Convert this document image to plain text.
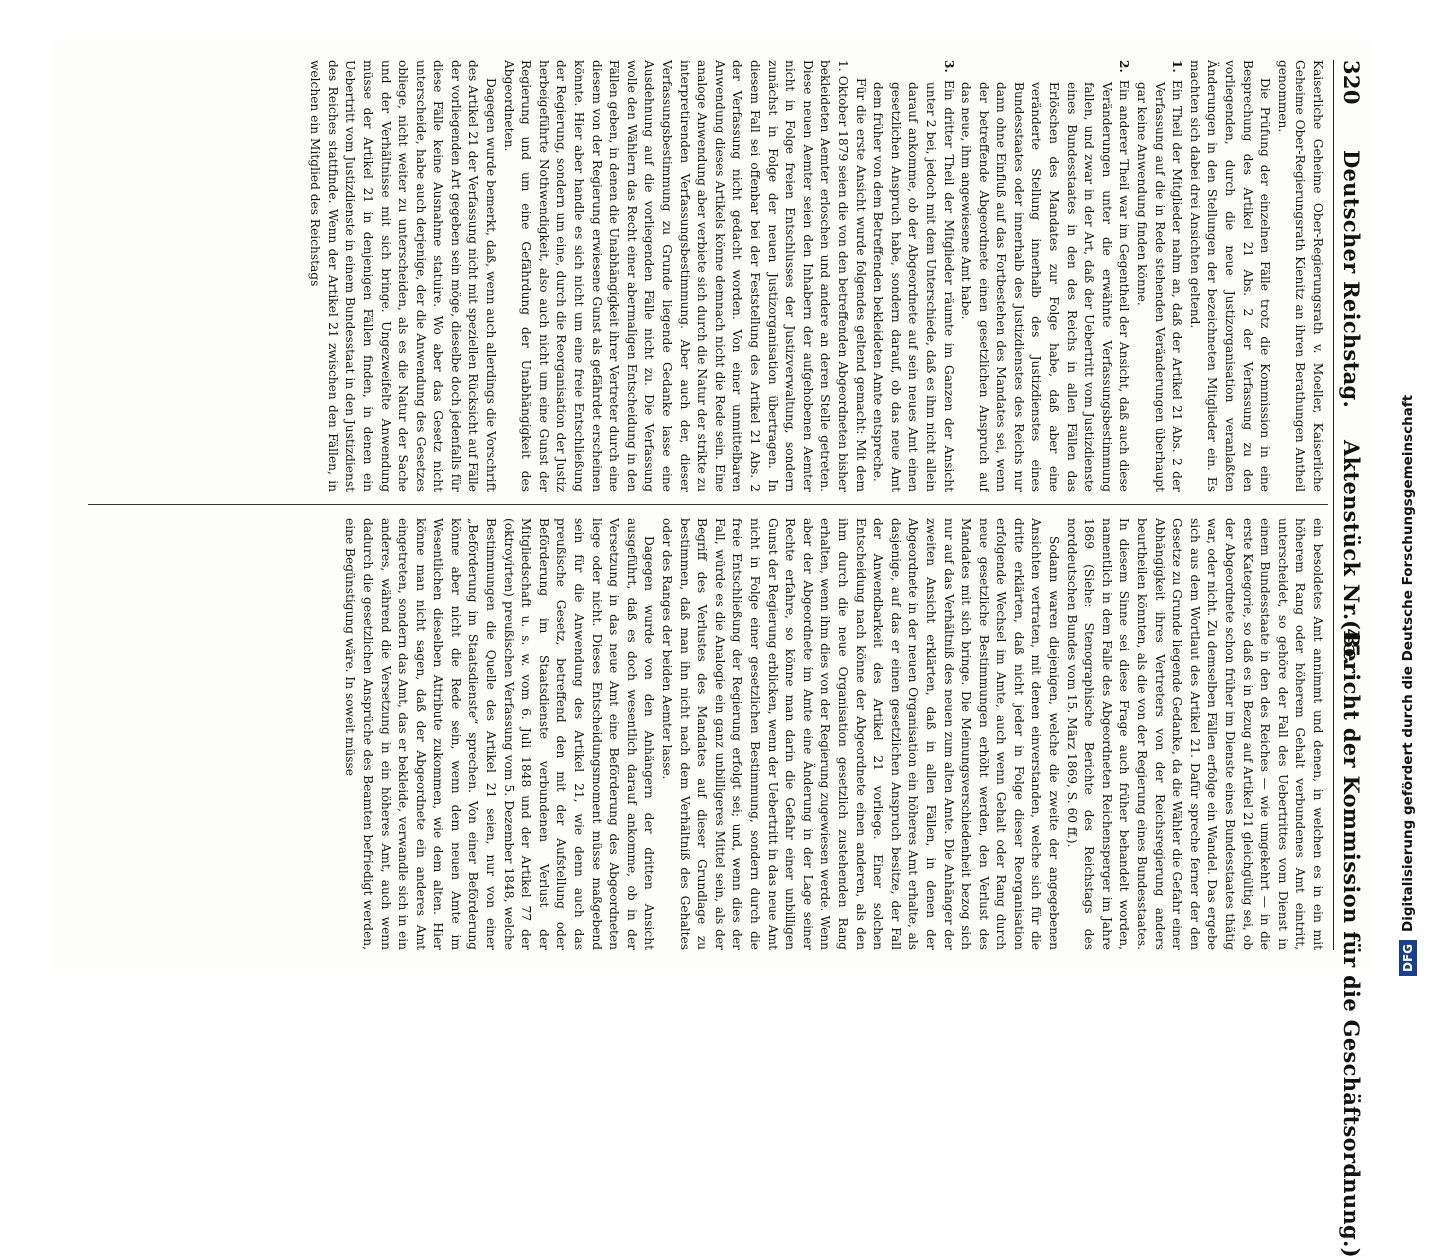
320
Deutscher Reichstag.
Aktenstück Nr. 45.
(Bericht der Kommission für die Geschäftsordnung.)

Kaiserliche Geheime Ober-Regierungsrath v. Moeller, Kaiserliche Geheime Ober-Regierungsrath Kienitz an ihren Berathungen Antheil genommen.

Die Prüfung der einzelnen Fälle trotz die Kommission in eine Besprechung des Artikel 21 Abs. 2 der Verfassung zu den vorliegenden, durch die neue Justizorganisation veranlaßten Änderungen in den Stellungen der bezeichneten Mitglieder ein. Es machten sich dabei drei Ansichten geltend.

1.Ein Theil der Mitglieder nahm an, daß der Artikel 21 Abs. 2 der Verfassung auf die in Rede stehenden Veränderungen überhaupt gar keine Anwendung finden könne.

2.Ein anderer Theil war im Gegentheil der Ansicht, daß auch diese Veränderungen unter die erwähnte Verfassungsbestimmung fallen, und zwar in der Art, daß der Uebertritt vom Justizdienste eines Bundesstaates in den des Reichs in allen Fällen das Erlöschen des Mandates zur Folge habe, daß aber eine veränderte Stellung innerhalb des Justizdienstes eines Bundesstaates oder innerhalb des Justizdienstes des Reichs nur dann ohne Einfluß auf das Fortbestehen des Mandates sei, wenn der betreffende Abgeordnete einen gesetzlichen Anspruch auf das neue, ihm angewiesene Amt habe.

3.Ein dritter Theil der Mitglieder räumte im Ganzen der Ansicht unter 2 bei, jedoch mit dem Unterschiede, daß es ihm nicht allein darauf ankomme, ob der Abgeordnete auf sein neues Amt einen gesetzlichen Anspruch habe, sondern darauf, ob das neue Amt dem früher von dem Betreffenden bekleideten Amte entspreche.

Für die erste Ansicht wurde folgendes geltend gemacht: Mit dem 1. Oktober 1879 seien die von den betreffenden Abgeordneten bisher bekleideten Aemter erloschen und andere an deren Stelle getreten. Diese neuen Aemter seien den Inhabern der aufgehobenen Aemter nicht in Folge freien Entschlusses der Justizverwaltung, sondern zunächst in Folge der neuen Justizorganisation übertragen. In diesem Fall sei offenbar bei der Feststellung des Artikel 21 Abs. 2 der Verfassung nicht gedacht worden. Von einer unmittelbaren Anwendung dieses Artikels könne demnach nicht die Rede sein. Eine analoge Anwendung aber verbiete sich durch die Natur der strikte zu interpretirenden Verfassungsbestimmung. Aber auch der, dieser Verfassungsbestimmung zu Grunde liegende Gedanke lasse eine Ausdehnung auf die vorliegenden Fälle nicht zu. Die Verfassung wolle den Wählern das Recht einer abermaligen Entscheidung in den Fällen geben, in denen die Unabhängigkeit ihrer Vertreter durch eine diesem von der Regierung erwiesene Gunst als gefährdet erscheinen könnte. Hier aber handle es sich nicht um eine freie Entschließung der Regierung, sondern um eine, durch die Reorganisation der Justiz herbeigeführte Nothwendigkeit, also auch nicht um eine Gunst der Regierung und um eine Gefährdung der Unabhängigkeit des Abgeordneten.

Dagegen wurde bemerkt, daß, wenn auch allerdings die Vorschrift des Artikel 21 der Verfassung nicht mit speziellen Rücksicht auf Fälle der vorliegenden Art gegeben sein möge, dieselbe doch jedenfalls für diese Fälle keine Ausnahme statuire. Wo aber das Gesetz nicht unterscheide, habe auch derjenige, der die Anwendung des Gesetzes obliege, nicht weiter zu unterscheiden, als es die Natur der Sache und der Verhältnisse mit sich bringe. Ungezweifelte Anwendung müsse der Artikel 21 in denjenigen Fällen finden, in denen ein Uebertritt vom Justizdienste in einem Bundesstaat in den Justizdienst des Reiches stattfinde. Wenn der Artikel 21 zwischen den Fällen, in welchen ein Mitglied des Reichstags

ein besoldetes Amt annimmt und denen, in welchen es in ein mit höherem Rang oder höherem Gehalt verbundenes Amt eintritt, unterscheidet, so gehöre der Fall des Uebertrittes vom Dienst in einem Bundesstaate in den des Reiches — wie umgekehrt — in die erste Kategorie, so daß es in Bezug auf Artikel 21 gleichgültig sei, ob der Abgeordnete schon früher im Dienste eines Bundesstaates thätig war, oder nicht. Zu demselben Fällen erfolge ein Wandel. Das ergebe sich aus dem Wortlaut des Artikel 21. Dafür spreche ferner der den Gesetze zu Grunde liegende Gedanke, da die Wähler die Gefahr einer Abhängigkeit ihres Vertreters von der Reichsregierung anders beurtheilen könnten, als die von der Regierung eines Bundesstaates. In diesem Sinne sei diese Frage auch früher behandelt worden, namentlich in dem Falle des Abgeordneten Reichensperger im Jahre 1869 (Siehe: Stenographische Berichte des Reichstags des norddeutschen Bundes vom 15. März 1869, S. 60 ff.).

Sodann waren diejenigen, welche die zweite der angegebenen Ansichten vertraten, mit denen einverstanden, welche sich für die dritte erklärten, daß nicht jeder in Folge dieser Reorganisation erfolgende Wechsel im Amte, auch wenn Gehalt oder Rang durch neue gesetzliche Bestimmungen erhöht werden, den Verlust des Mandates mit sich bringe. Die Meinungsverschiedenheit bezog sich nur auf das Verhältniß des neuen zum alten Amte. Die Anhänger der zweiten Ansicht erklärten, daß in allen Fällen, in denen der Abgeordnete in der neuen Organisation ein höheres Amt erhalte, als dasjenige, auf das er einen gesetzlichen Anspruch besitze, der Fall der Anwendbarkeit des Artikel 21 vorliege. Einer solchen Entscheidung nach könne der Abgeordnete einen anderen, als den ihm durch die neue Organisation gesetzlich zustehenden Rang erhalten, wenn ihm dies von der Regierung zugewiesen werde. Wenn aber der Abgeordnete im Amte eine Änderung in der Lage seiner Rechte erfahre, so könne man darin die Gefahr einer unbilligen Gunst der Regierung erblicken, wenn der Uebertritt in das neue Amt nicht in Folge einer gesetzlichen Bestimmung, sondern durch die freie Entschließung der Regierung erfolgt sei; und, wenn dies der Fall, würde es die Analogie ein ganz unbilligeres Mittel sein, als der Begriff des Verlustes des Mandates auf dieser Grundlage zu bestimmen, daß man ihn nicht nach dem Verhältniß des Gehaltes oder des Ranges der beiden Aemter lasse.

Dagegen wurde von den Anhängern der dritten Ansicht ausgeführt, daß es doch wesentlich darauf ankomme, ob in der Versetzung in das neue Amt eine Beförderung des Abgeordneten liege oder nicht. Dieses Entscheidungsmoment müsse maßgebend sein für die Anwendung des Artikel 21, wie denn auch das preußische Gesetz, betreffend den mit der Aufstellung oder Beförderung im Staatsdienste verbundenen Verlust der Mitgliedschaft u. s. w. vom 6. Juli 1848 und der Artikel 77 der (oktroyirten) preußischen Verfassung vom 5. Dezember 1848, welche Bestimmungen die Quelle des Artikel 21 seien, nur von einer „Beförderung im Staatsdienste“ sprechen. Von einer Beförderung könne aber nicht die Rede sein, wenn dem neuen Amte im Wesentlichen dieselben Attribute zukommen, wie dem alten. Hier könne man nicht sagen, daß der Abgeordnete ein anderes Amt eingetreten, sondern das Amt, das er bekleide, verwandle sich in ein anderes, während die Versetzung in ein höheres Amt, auch wenn dadurch die gesetzlichen Ansprüche des Beamten befriedigt werden, eine Begünstigung wäre. In soweit müsse

DFG
Digitalisierung gefördert durch die Deutsche Forschungsgemeinschaft
